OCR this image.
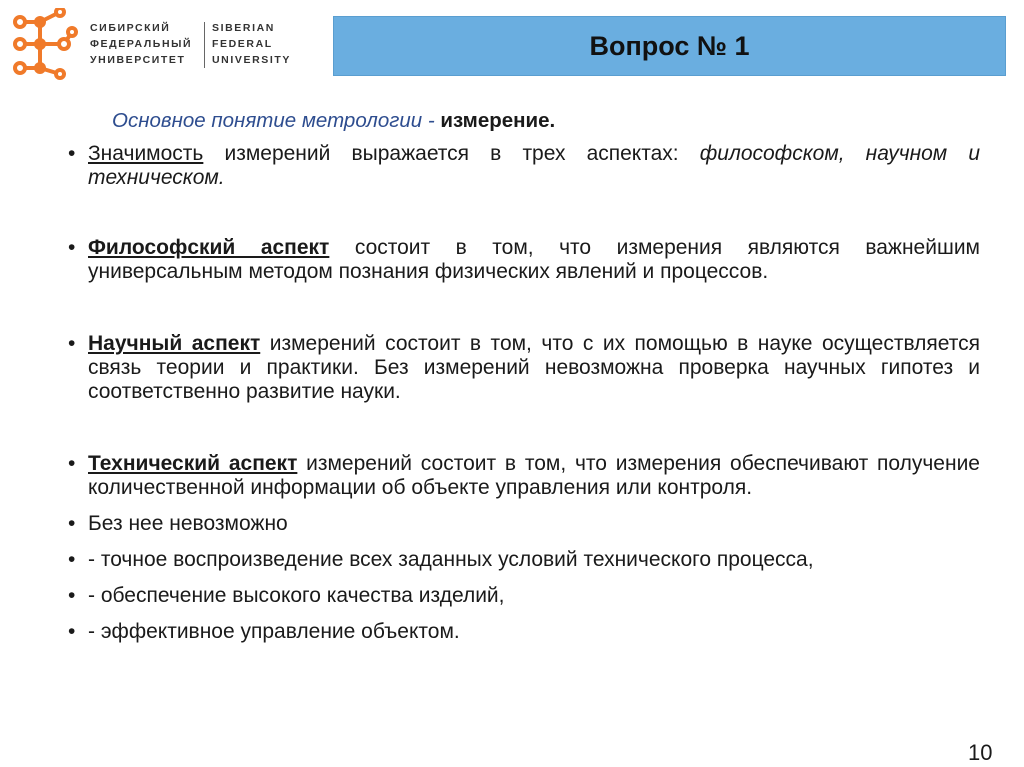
СИБИРСКИЙ
ФЕДЕРАЛЬНЫЙ
УНИВЕРСИТЕТ
SIBERIAN
FEDERAL
UNIVERSITY	Вопрос № 1
Основное понятие метрологии - измерение.
• Значимость измерений выражается в трех аспектах: философском, научном и техническом.
• Философский аспект состоит в том, что измерения являются важнейшим универсальным методом познания физических явлений и процессов.
• Научный аспект измерений состоит в том, что с их помощью в науке осуществляется связь теории и практики. Без измерений невозможна проверка научных гипотез и соответственно развитие науки.
• Технический аспект измерений состоит в том, что измерения обеспечивают получение количественной информации об объекте управления или контроля.
• Без нее невозможно
• - точное воспроизведение всех заданных условий технического процесса,
• - обеспечение высокого качества изделий,
• - эффективное управление объектом.
10
